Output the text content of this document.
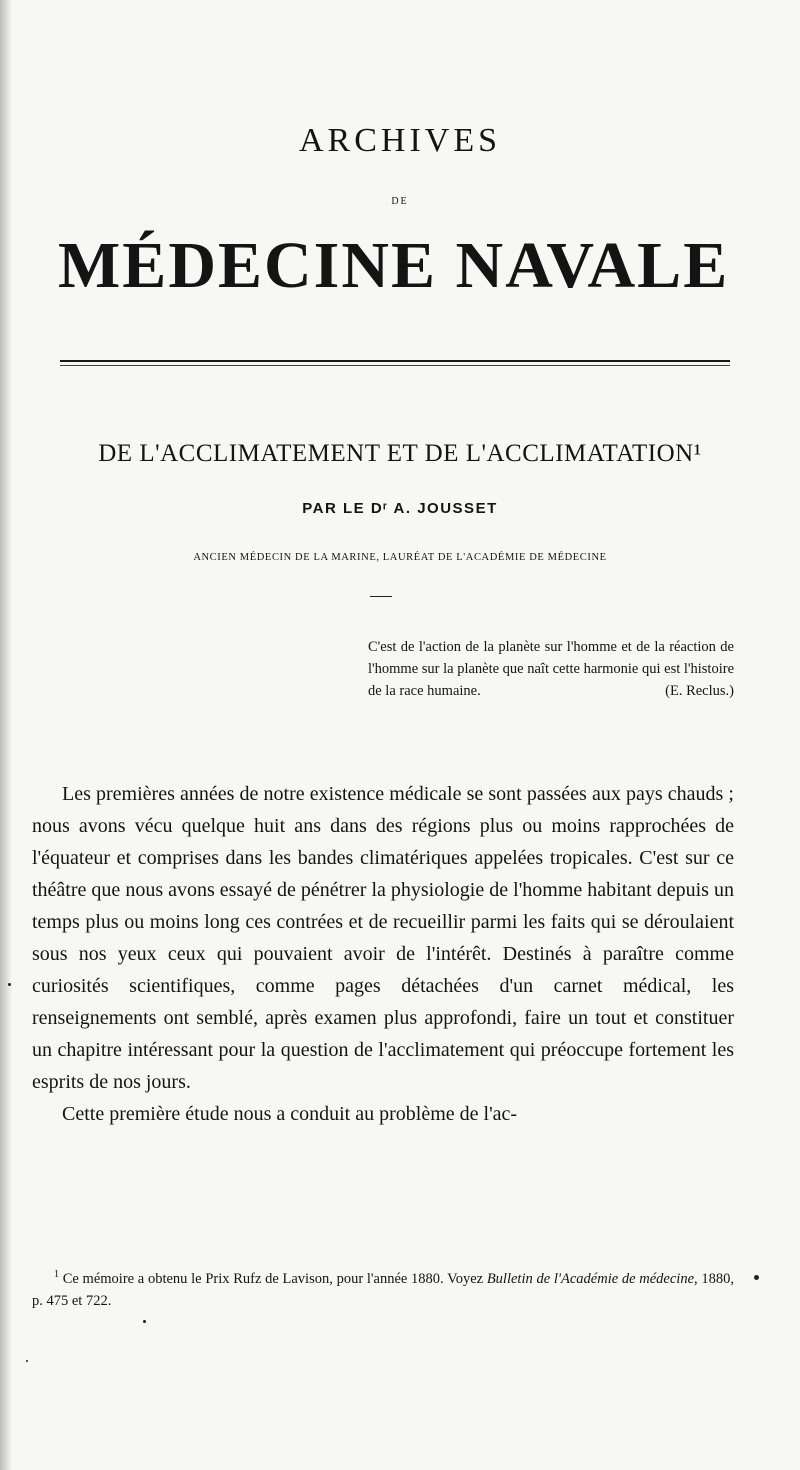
ARCHIVES
DE
MÉDECINE NAVALE
DE L'ACCLIMATEMENT ET DE L'ACCLIMATATION¹
PAR LE Dʳ A. JOUSSET
ANCIEN MÉDECIN DE LA MARINE, LAURÉAT DE L'ACADÉMIE DE MÉDECINE
C'est de l'action de la planète sur l'homme et de la réaction de l'homme sur la planète que naît cette harmonie qui est l'histoire de la race humaine.	(E. Reclus.)

Les premières années de notre existence médicale se sont passées aux pays chauds ; nous avons vécu quelque huit ans dans des régions plus ou moins rapprochées de l'équateur et comprises dans les bandes climatériques appelées tropicales. C'est sur ce théâtre que nous avons essayé de pénétrer la physiologie de l'homme habitant depuis un temps plus ou moins long ces contrées et de recueillir parmi les faits qui se déroulaient sous nos yeux ceux qui pouvaient avoir de l'intérêt. Destinés à paraître comme curiosités scientifiques, comme pages détachées d'un carnet médical, les renseignements ont semblé, après examen plus approfondi, faire un tout et constituer un chapitre intéressant pour la question de l'acclimatement qui préoccupe fortement les esprits de nos jours.

Cette première étude nous a conduit au problème de l'ac-

$^1$ Ce mémoire a obtenu le Prix Rufz de Lavison, pour l'année 1880. Voyez Bulletin de l'Académie de médecine, 1880, p. 475 et 722.
